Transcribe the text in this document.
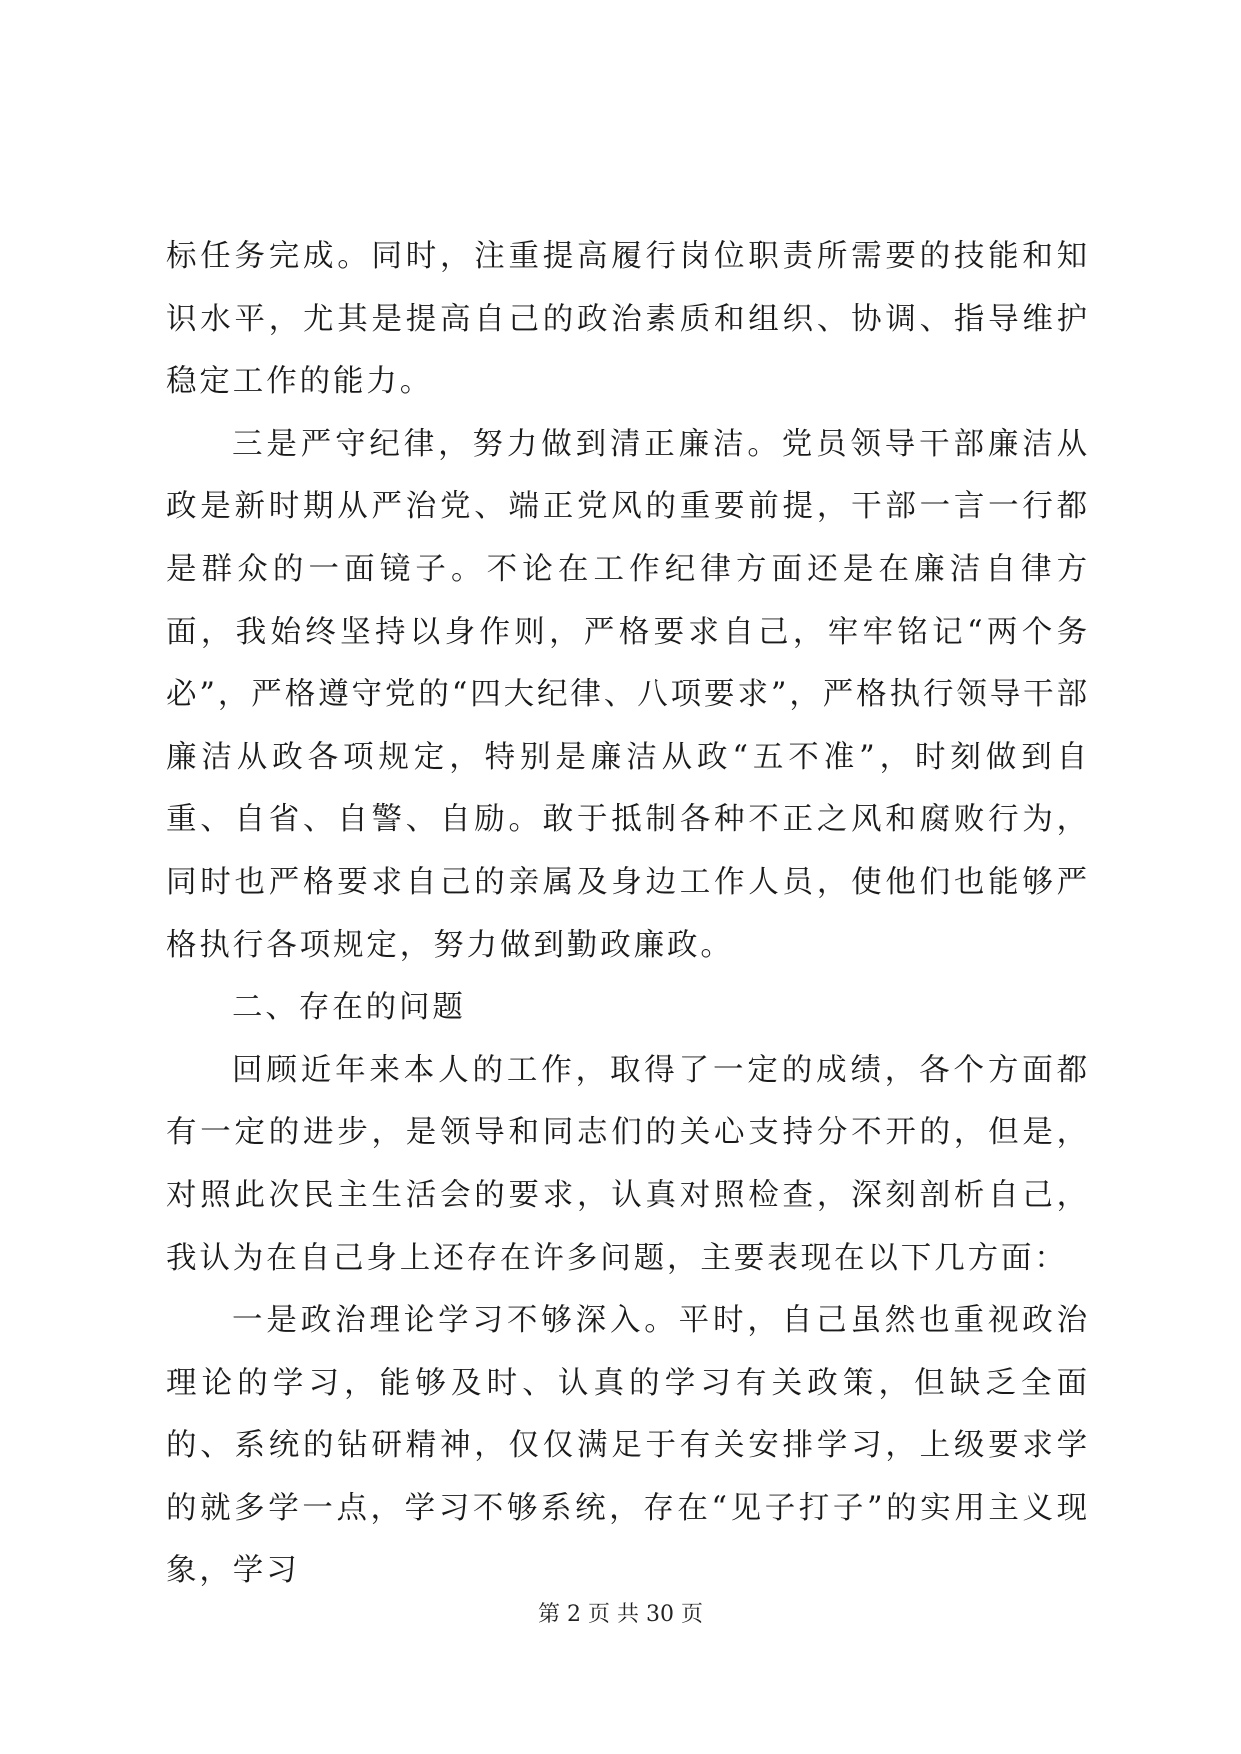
标任务完成。同时，注重提高履行岗位职责所需要的技能和知识水平，尤其是提高自己的政治素质和组织、协调、指导维护稳定工作的能力。

三是严守纪律，努力做到清正廉洁。党员领导干部廉洁从政是新时期从严治党、端正党风的重要前提，干部一言一行都是群众的一面镜子。不论在工作纪律方面还是在廉洁自律方面，我始终坚持以身作则，严格要求自己，牢牢铭记“两个务必”，严格遵守党的“四大纪律、八项要求”，严格执行领导干部廉洁从政各项规定，特别是廉洁从政“五不准”，时刻做到自重、自省、自警、自励。敢于抵制各种不正之风和腐败行为，同时也严格要求自己的亲属及身边工作人员，使他们也能够严格执行各项规定，努力做到勤政廉政。

二、存在的问题

回顾近年来本人的工作，取得了一定的成绩，各个方面都有一定的进步，是领导和同志们的关心支持分不开的，但是，对照此次民主生活会的要求，认真对照检查，深刻剖析自己，我认为在自己身上还存在许多问题，主要表现在以下几方面：

一是政治理论学习不够深入。平时，自己虽然也重视政治理论的学习，能够及时、认真的学习有关政策，但缺乏全面的、系统的钻研精神，仅仅满足于有关安排学习，上级要求学的就多学一点，学习不够系统，存在“见子打子”的实用主义现象，学习

第 2 页 共 30 页
